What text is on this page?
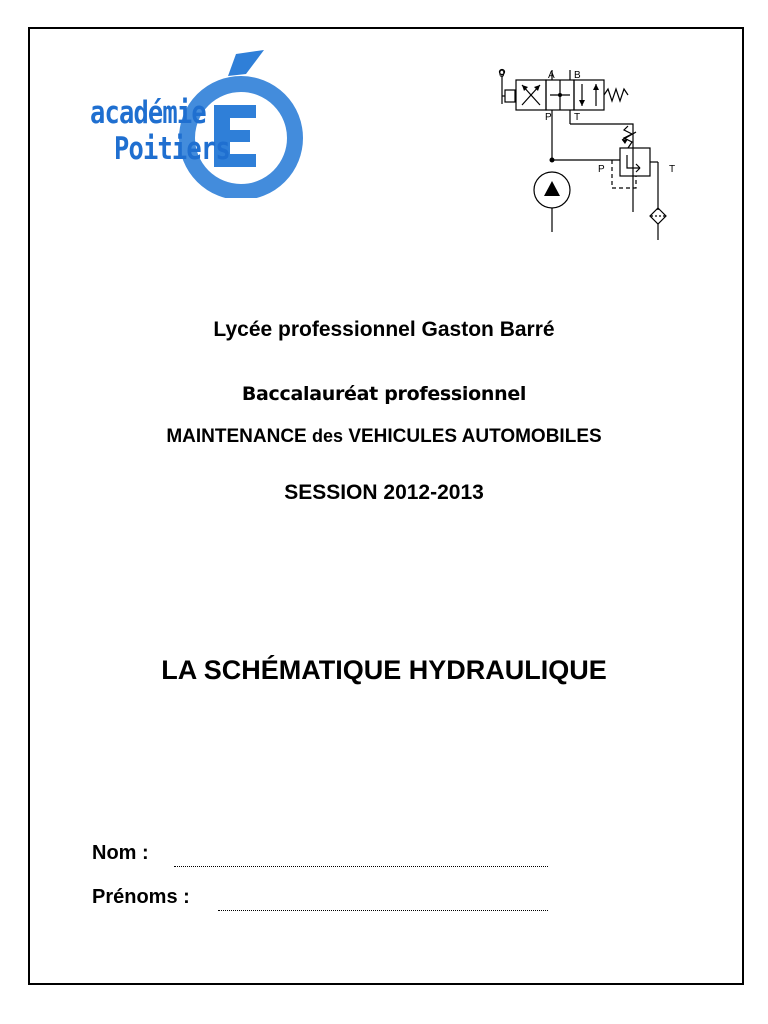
académie
Poitiers
A B
P T
P	T
0
Lycée professionnel Gaston Barré
Baccalauréat professionnel
MAINTENANCE des VEHICULES AUTOMOBILES
SESSION 2012-2013
LA SCHÉMATIQUE HYDRAULIQUE
Nom :
Prénoms :
